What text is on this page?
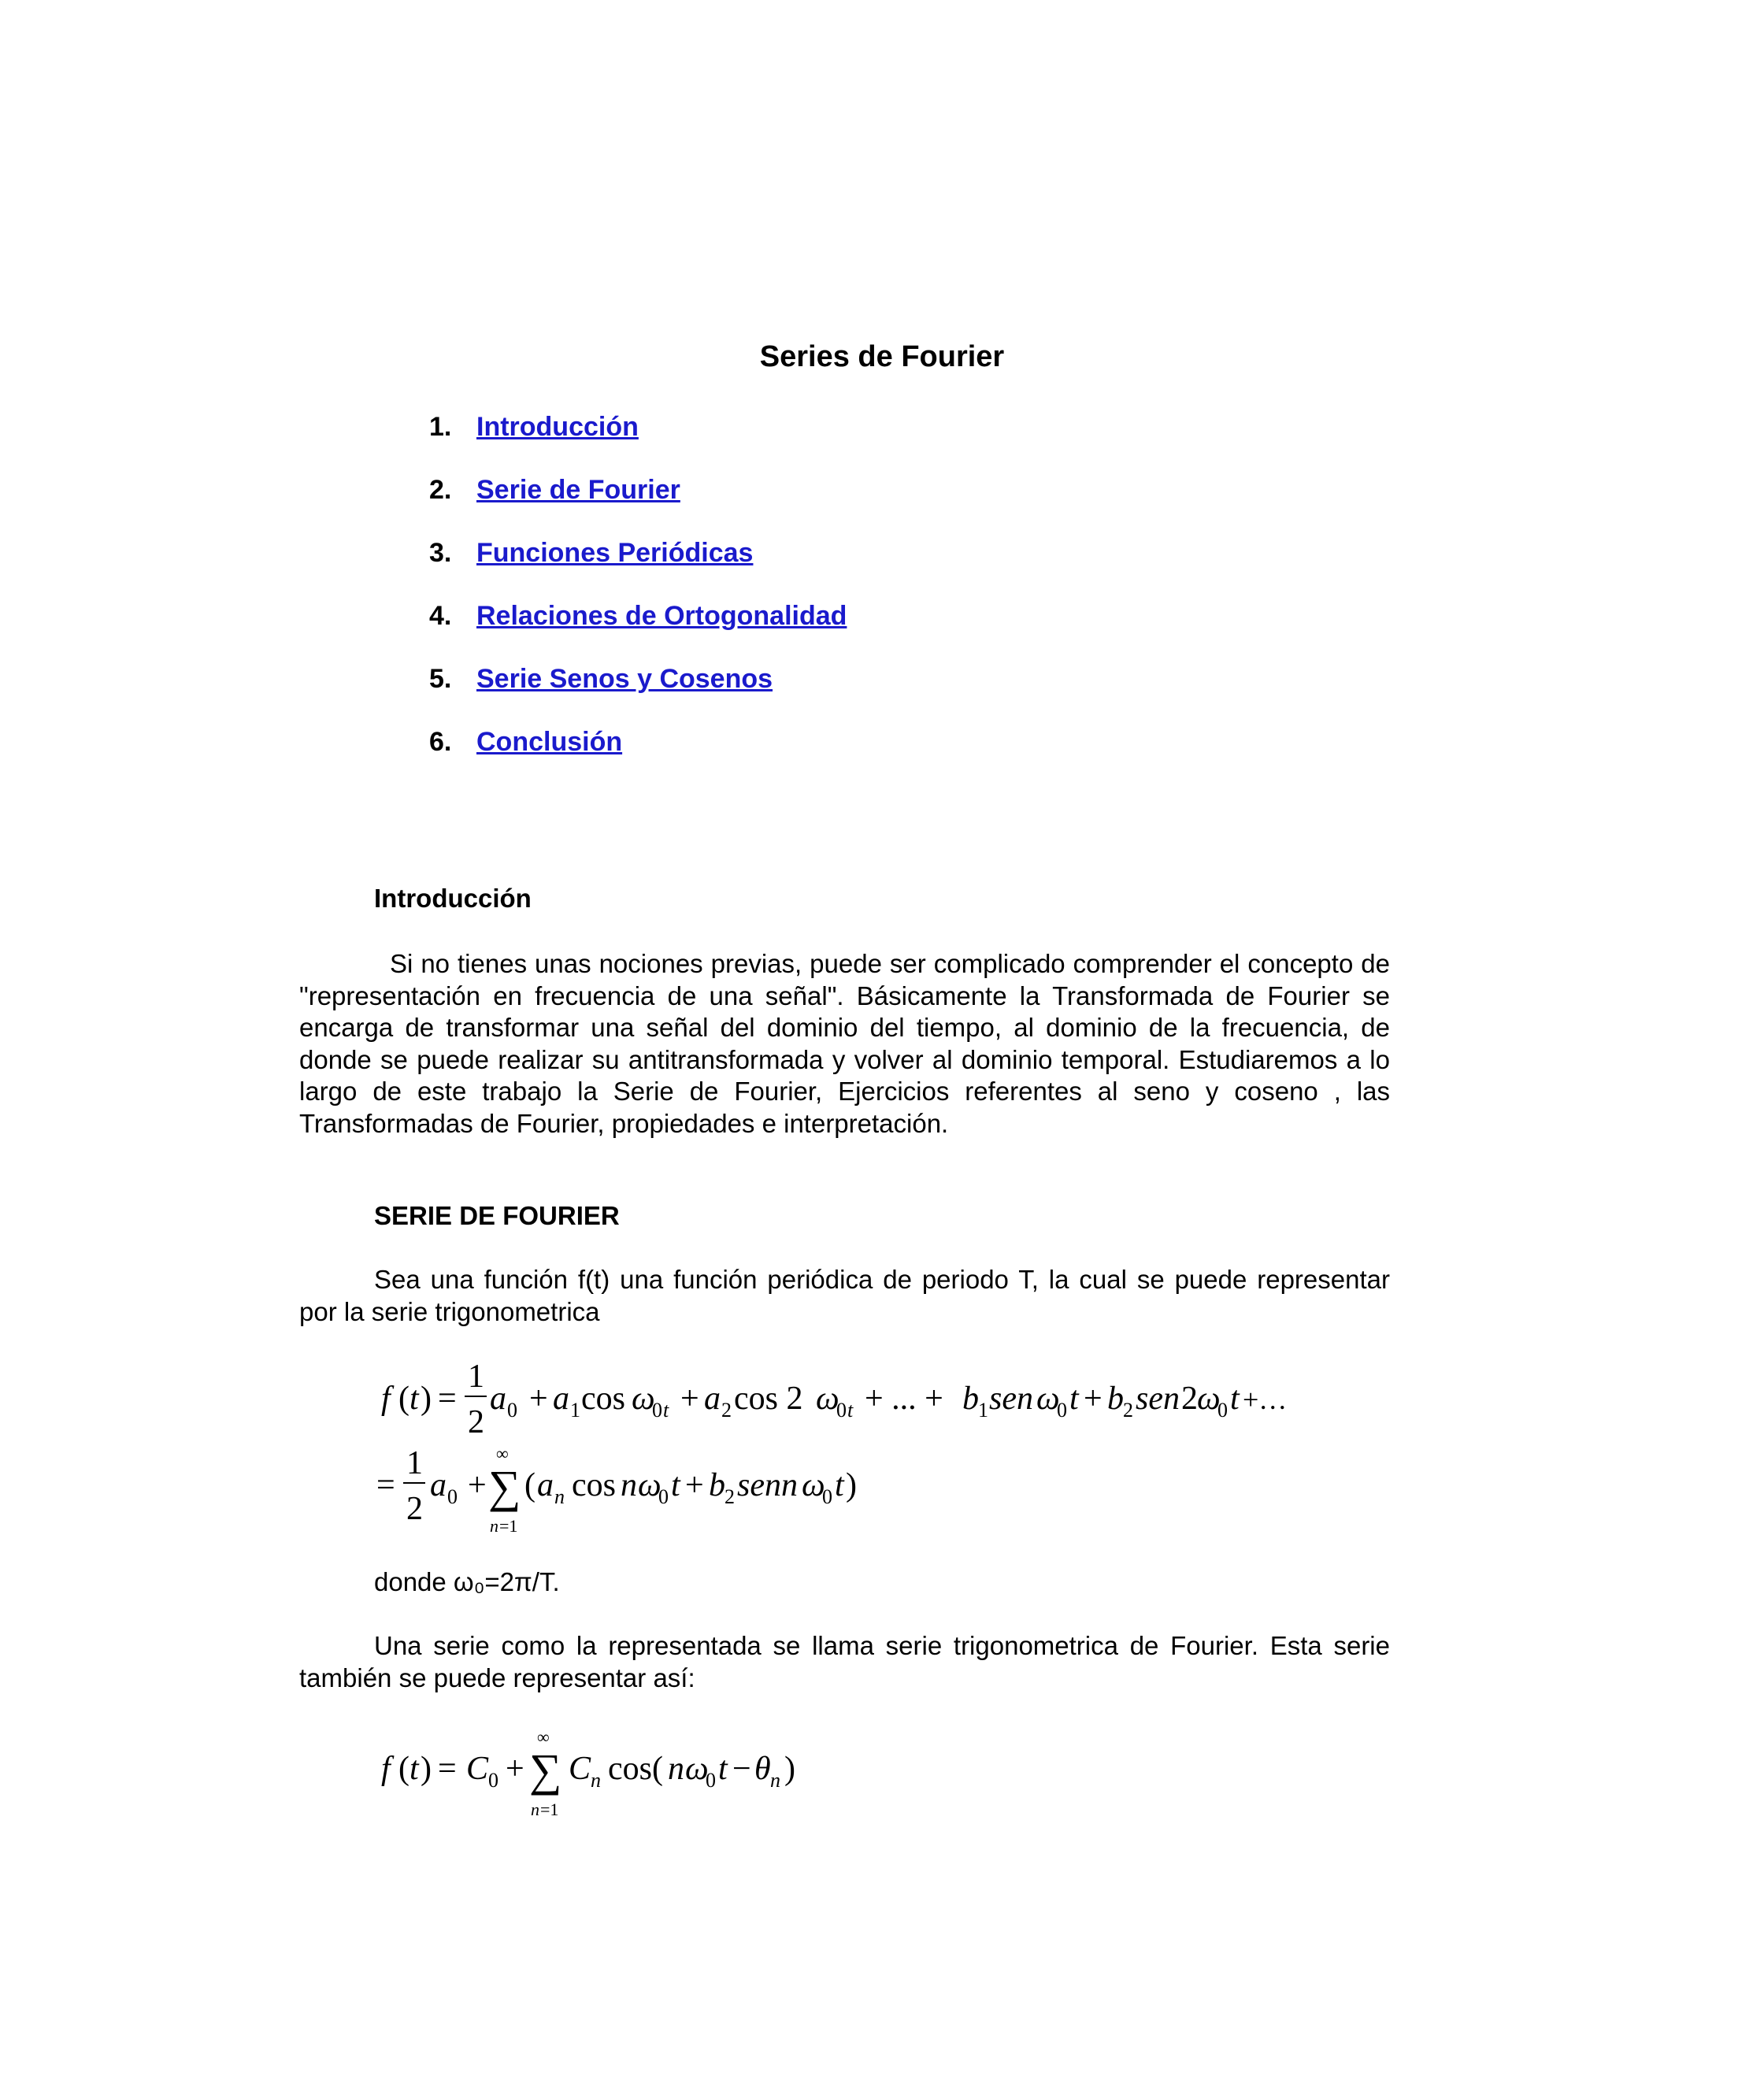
Series de Fourier
1. Introducción
2. Serie de Fourier
3. Funciones Periódicas
4. Relaciones de Ortogonalidad
5. Serie Senos y Cosenos
6. Conclusión
Introducción
Si no tienes unas nociones previas, puede ser complicado comprender el concepto de "representación en frecuencia de una señal". Básicamente la Transformada de Fourier se encarga de transformar una señal del dominio del tiempo, al dominio de la frecuencia, de donde se puede realizar su antitransformada y volver al dominio temporal. Estudiaremos a lo largo de este trabajo la Serie de Fourier, Ejercicios referentes al seno y coseno , las Transformadas de Fourier, propiedades e interpretación.
SERIE DE FOURIER
Sea una función f(t) una función periódica de periodo T, la cual se puede representar por la serie trigonometrica
f ( t ) =
1
2
a 0 + a 1 cos ω
0 t + a 2 cos 2 ω
0 t + ... + b 1 sen ω
0 t + b 2 sen 2 ω
0 t +…
=
1
2
a 0 +
∞
∑
n =1
( a n cos n ω
0 t + b 2 senn ω
0 t )
donde ω₀=2π/T.
Una serie como la representada se llama serie trigonometrica de Fourier. Esta serie también se puede representar así:
f ( t ) = C 0 +
∞
∑
n =1
C n cos( n ω
0 t − θ n )
